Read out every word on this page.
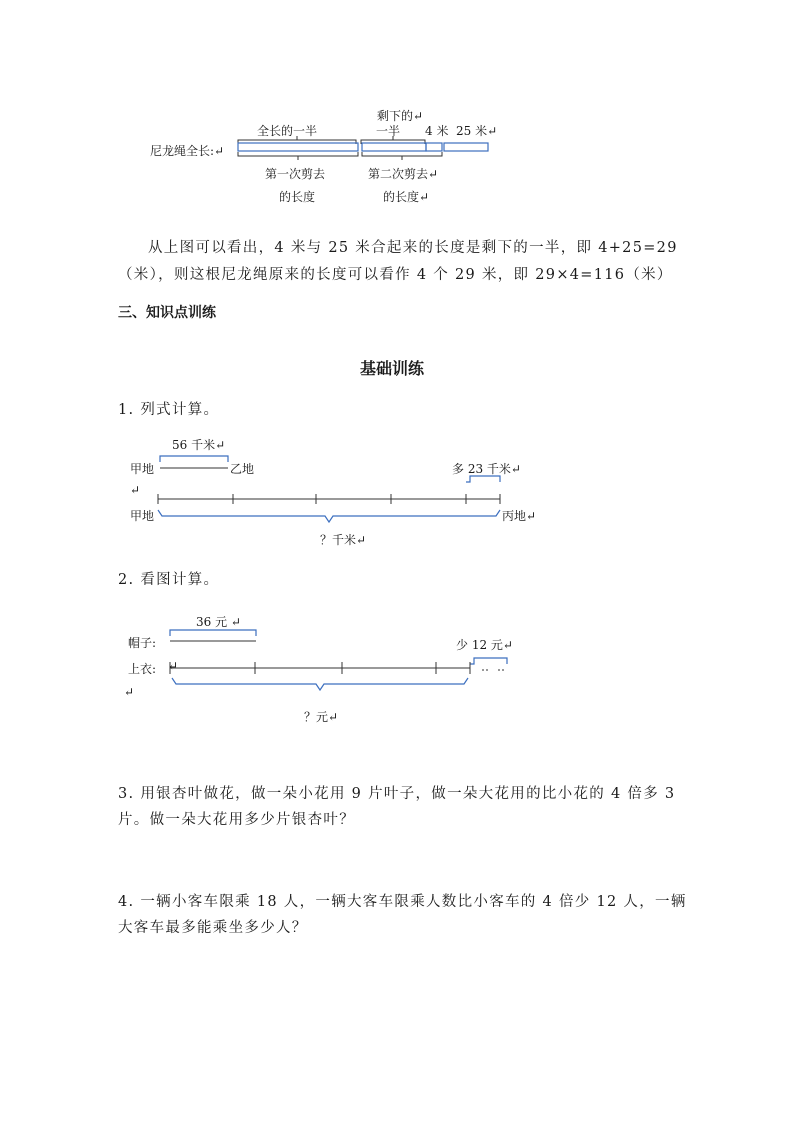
尼龙绳全长:↵
全长的一半
剩下的↵
一半 4 米 25 米↵
第一次剪去
的长度
第二次剪去↵
的长度↵
从上图可以看出，4 米与 25 米合起来的长度是剩下的一半，即 4+25=29
（米），则这根尼龙绳原来的长度可以看作 4 个 29 米，即 29×4=116（米）
三、知识点训练
基础训练
1. 列式计算。
56 千米↵
甲地	乙地	多 23 千米↵
↵
甲地	丙地↵
？千米↵
2. 看图计算。
36 元 ↵
帽子:	少 12 元↵
上衣: ↵
↵
？元↵
3. 用银杏叶做花，做一朵小花用 9 片叶子，做一朵大花用的比小花的 4 倍多 3
片。做一朵大花用多少片银杏叶？
4. 一辆小客车限乘 18 人，一辆大客车限乘人数比小客车的 4 倍少 12 人，一辆
大客车最多能乘坐多少人？
